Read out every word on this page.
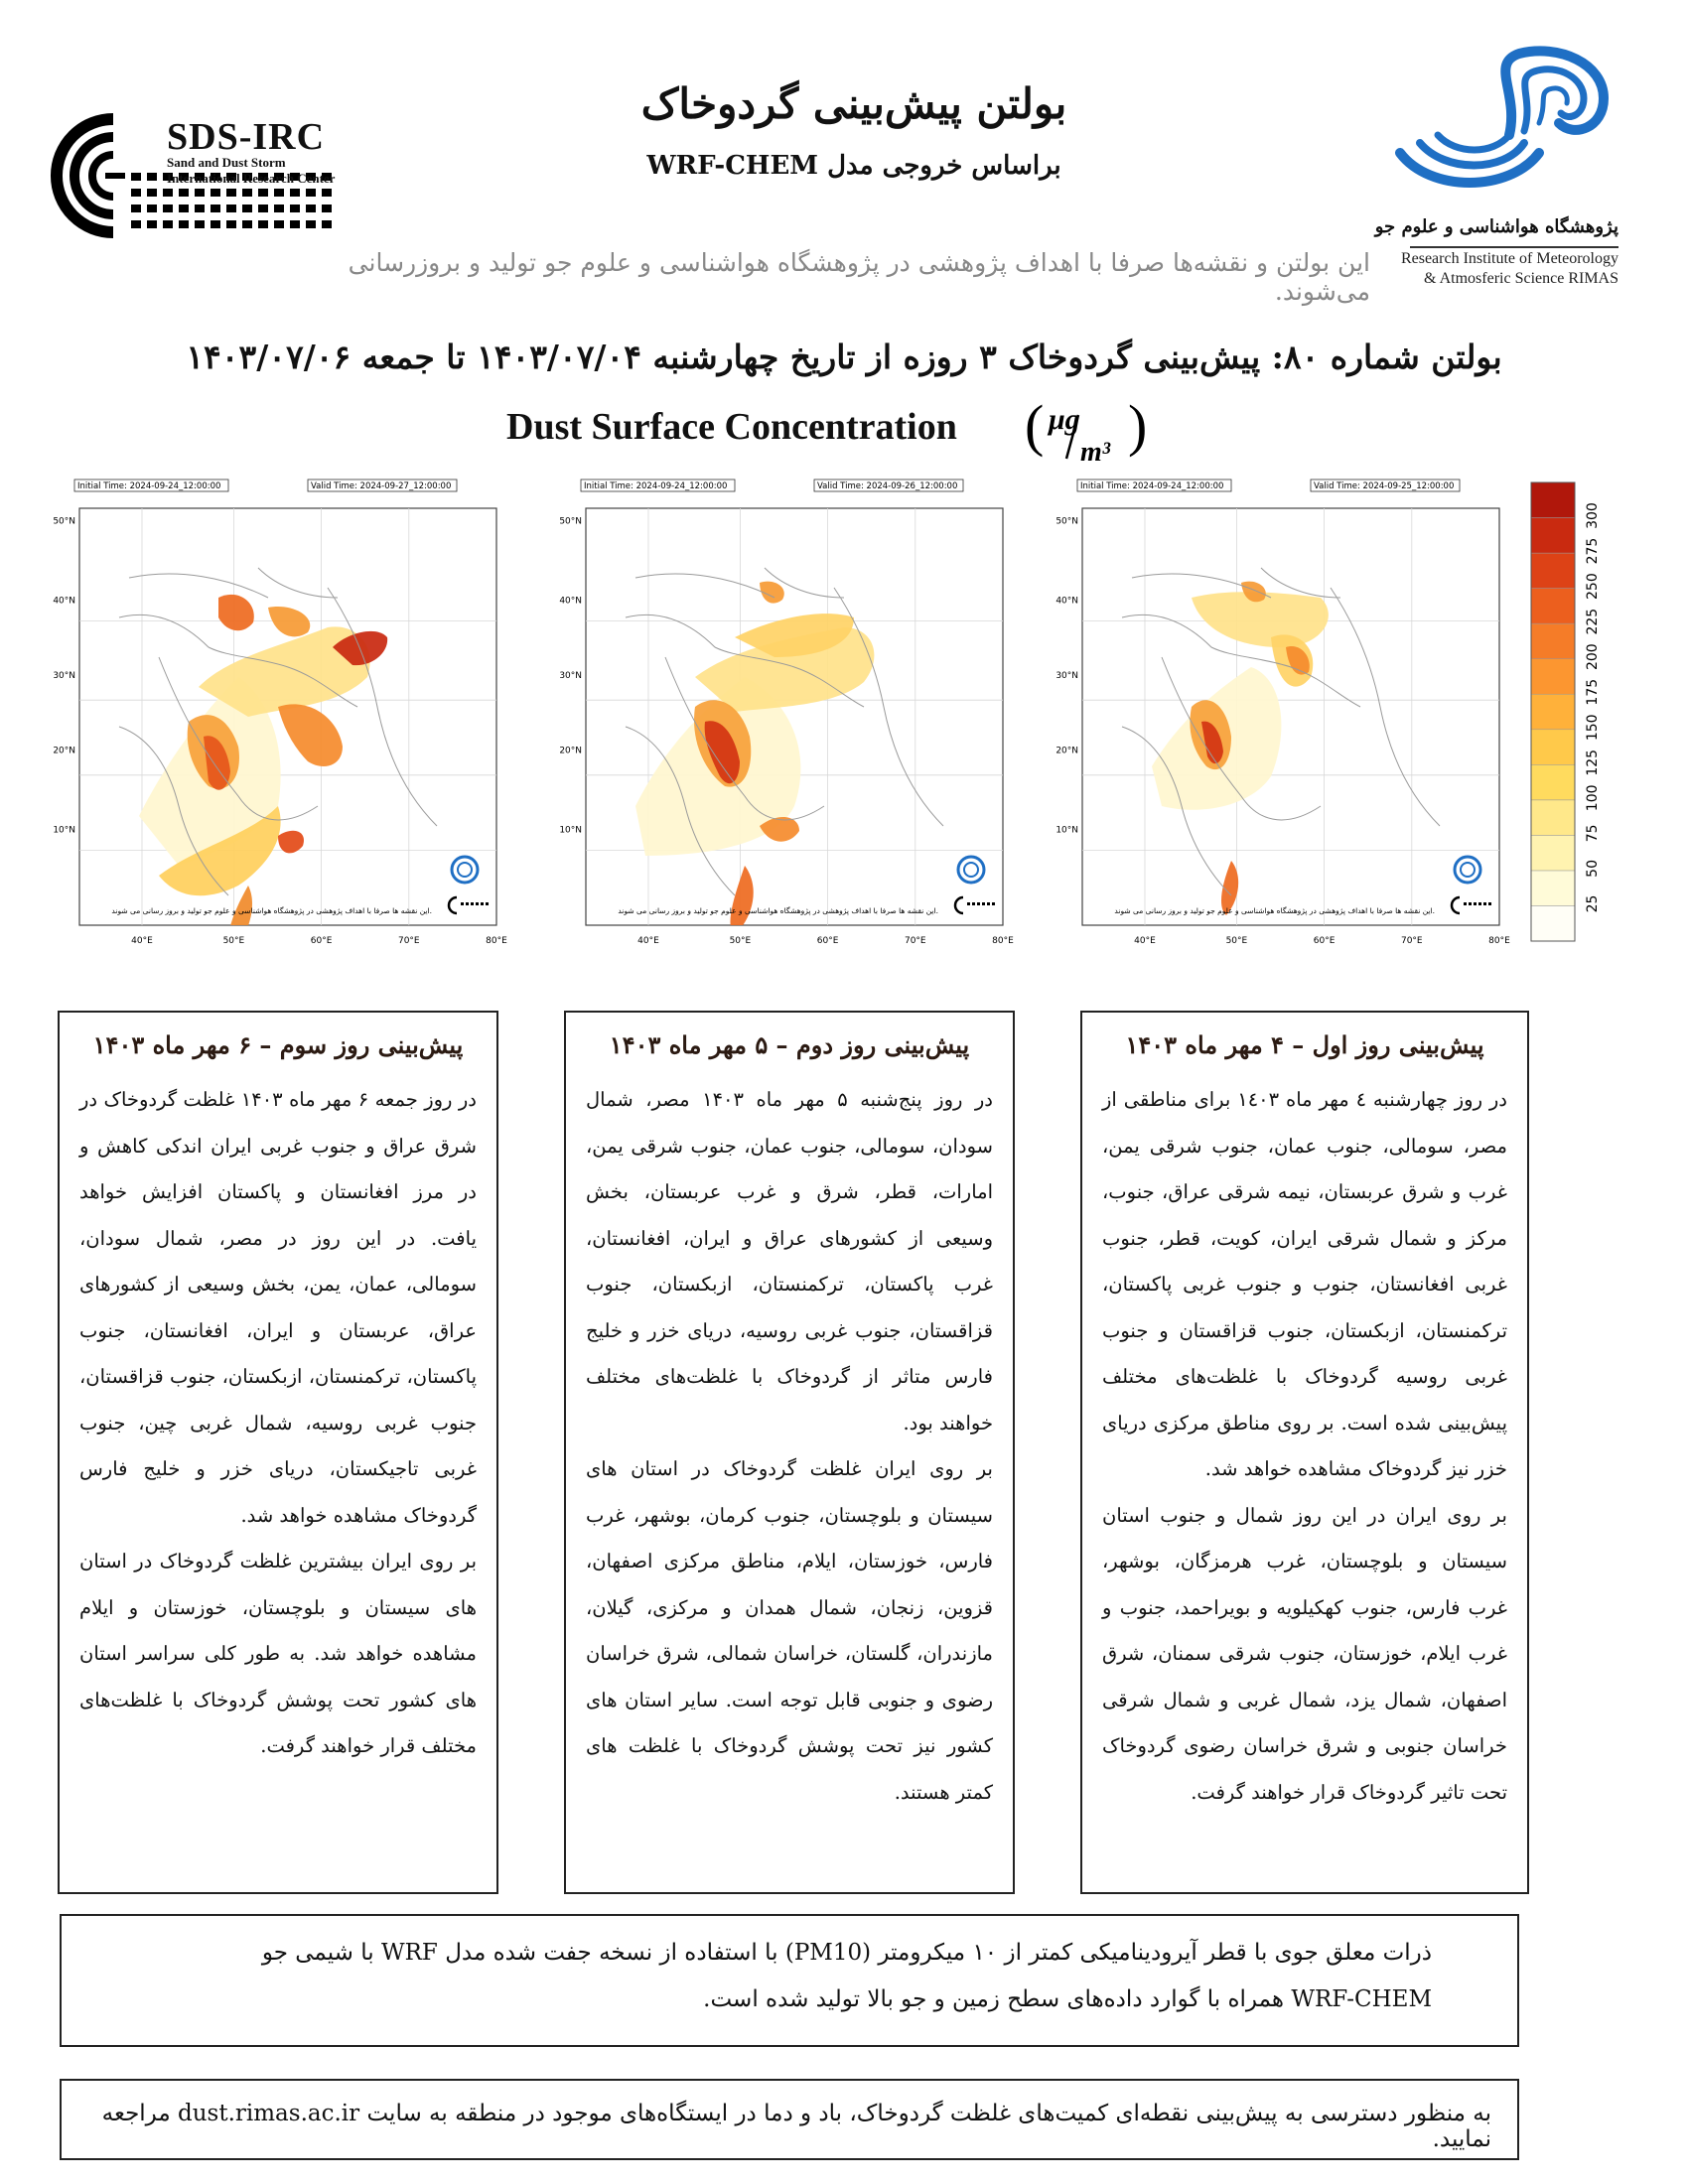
SDS-IRC
Sand and Dust Storm
International Research Center
بولتن پیش‌بینی گردوخاک
براساس خروجی مدل WRF-CHEM
پژوهشگاه هواشناسی و علوم جو
Research Institute of Meteorology
& Atmosferic Science RIMAS
این بولتن و نقشه‌ها صرفا با اهداف پژوهشی در پژوهشگاه هواشناسی و علوم جو تولید و بروزرسانی می‌شوند.
بولتن شماره ۸۰: پیش‌بینی گردوخاک ۳ روزه از تاریخ چهارشنبه ۱۴۰۳/۰۷/۰۴ تا جمعه ۱۴۰۳/۰۷/۰۶
Dust Surface Concentration ( μg
m³ )
Initial Time: 2024-09-24_12:00:00	Valid Time: 2024-09-27_12:00:00
50°N
40°N
30°N
20°N
10°N
40°E	50°E	60°E	70°E	80°E
این نقشه ها صرفا با اهداف پژوهشی در پژوهشگاه هواشناسی و علوم جو تولید و بروز رسانی می شوند.
Initial Time: 2024-09-24_12:00:00	Valid Time: 2024-09-26_12:00:00
50°N
40°N
30°N
20°N
10°N
40°E	50°E	60°E	70°E	80°E
این نقشه ها صرفا با اهداف پژوهشی در پژوهشگاه هواشناسی و علوم جو تولید و بروز رسانی می شوند.
Initial Time: 2024-09-24_12:00:00	Valid Time: 2024-09-25_12:00:00
50°N
40°N
30°N
20°N
10°N
40°E	50°E	60°E	70°E	80°E
این نقشه ها صرفا با اهداف پژوهشی در پژوهشگاه هواشناسی و علوم جو تولید و بروز رسانی می شوند.
300
275
250
225
200
175
150
125
100
75
50
25
پیش‌بینی روز سوم – ۶ مهر ماه ۱۴۰۳

در روز جمعه ۶ مهر ماه ۱۴۰۳ غلظت گردوخاک در شرق عراق و جنوب غربی ایران اندکی کاهش و در مرز افغانستان و پاکستان افزایش خواهد یافت. در این روز در مصر، شمال سودان، سومالی، عمان، یمن، بخش وسیعی از کشورهای عراق، عربستان و ایران، افغانستان، جنوب پاکستان، ترکمنستان، ازبکستان، جنوب قزاقستان، جنوب غربی روسیه، شمال غربی چین، جنوب غربی تاجیکستان، دریای خزر و خلیج فارس گردوخاک مشاهده خواهد شد.

بر روی ایران بیشترین غلظت گردوخاک در استان های سیستان و بلوچستان، خوزستان و ایلام مشاهده خواهد شد. به طور کلی سراسر استان های کشور تحت پوشش گردوخاک با غلظت‌های مختلف قرار خواهند گرفت.

پیش‌بینی روز دوم – ۵ مهر ماه ۱۴۰۳

در روز پنج‌شنبه ۵ مهر ماه ۱۴۰۳ مصر، شمال سودان، سومالی، جنوب عمان، جنوب شرقی یمن، امارات، قطر، شرق و غرب عربستان، بخش وسیعی از کشورهای عراق و ایران، افغانستان، غرب پاکستان، ترکمنستان، ازبکستان، جنوب قزاقستان، جنوب غربی روسیه، دریای خزر و خلیج فارس متاثر از گردوخاک با غلظت‌های مختلف خواهند بود.

بر روی ایران غلظت گردوخاک در استان های سیستان و بلوچستان، جنوب کرمان، بوشهر، غرب فارس، خوزستان، ایلام، مناطق مرکزی اصفهان، قزوین، زنجان، شمال همدان و مرکزی، گیلان، مازندران، گلستان، خراسان شمالی، شرق خراسان رضوی و جنوبی قابل توجه است. سایر استان های کشور نیز تحت پوشش گردوخاک با غلظت های کمتر هستند.

پیش‌بینی روز اول – ۴ مهر ماه ۱۴۰۳

در روز چهارشنبه ٤ مهر ماه ١٤٠٣ برای مناطقی از مصر، سومالی، جنوب عمان، جنوب شرقی یمن، غرب و شرق عربستان، نیمه شرقی عراق، جنوب، مرکز و شمال شرقی ایران، کویت، قطر، جنوب غربی افغانستان، جنوب و جنوب غربی پاکستان، ترکمنستان، ازبکستان، جنوب قزاقستان و جنوب غربی روسیه گردوخاک با غلظت‌های مختلف پیش‌بینی شده است. بر روی مناطق مرکزی دریای خزر نیز گردوخاک مشاهده خواهد شد.

بر روی ایران در این روز شمال و جنوب استان سیستان و بلوچستان، غرب هرمزگان، بوشهر، غرب فارس، جنوب کهکیلویه و بویراحمد، جنوب و غرب ایلام، خوزستان، جنوب شرقی سمنان، شرق اصفهان، شمال یزد، شمال غربی و شمال شرقی خراسان جنوبی و شرق خراسان رضوی گردوخاک تحت تاثیر گردوخاک قرار خواهند گرفت.

ذرات معلق جوی با قطر آیرودینامیکی کمتر از ۱۰ میکرومتر (PM10) با استفاده از نسخه جفت شده مدل WRF با شیمی جو
WRF-CHEM همراه با گوارد داده‌های سطح زمین و جو بالا تولید شده است.
به منظور دسترسی به پیش‌بینی نقطه‌ای کمیت‌های غلظت گردوخاک، باد و دما در ایستگاه‌های موجود در منطقه به سایت dust.rimas.ac.ir مراجعه نمایید.
